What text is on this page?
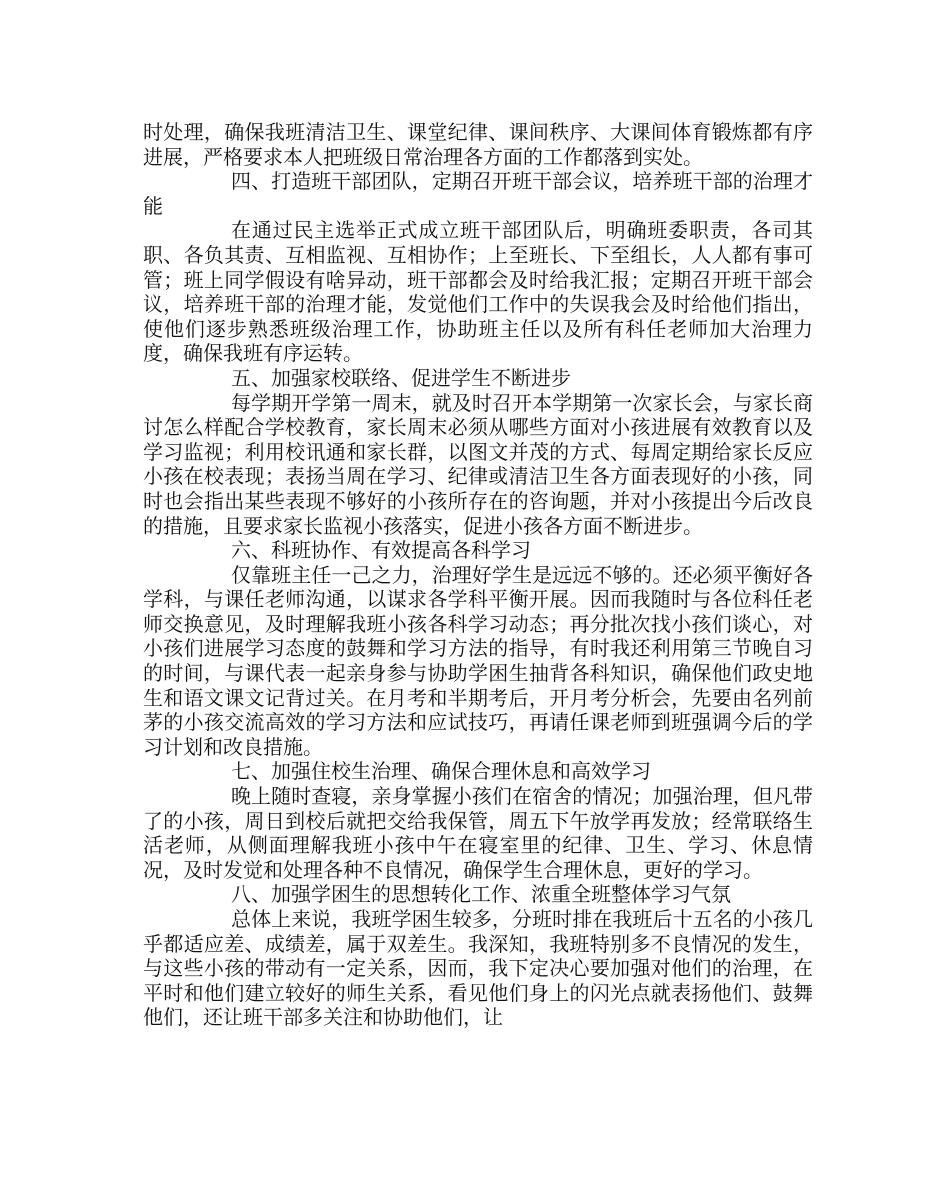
时处理，确保我班清洁卫生、课堂纪律、课间秩序、大课间体育锻炼都有序进展，严格要求本人把班级日常治理各方面的工作都落到实处。

四、打造班干部团队，定期召开班干部会议，培养班干部的治理才能

在通过民主选举正式成立班干部团队后，明确班委职责，各司其职、各负其责、互相监视、互相协作；上至班长、下至组长，人人都有事可管；班上同学假设有啥异动，班干部都会及时给我汇报；定期召开班干部会议，培养班干部的治理才能，发觉他们工作中的失误我会及时给他们指出，使他们逐步熟悉班级治理工作，协助班主任以及所有科任老师加大治理力度，确保我班有序运转。

五、加强家校联络、促进学生不断进步

每学期开学第一周末，就及时召开本学期第一次家长会，与家长商讨怎么样配合学校教育，家长周末必须从哪些方面对小孩进展有效教育以及学习监视；利用校讯通和家长群，以图文并茂的方式、每周定期给家长反应小孩在校表现；表扬当周在学习、纪律或清洁卫生各方面表现好的小孩，同时也会指出某些表现不够好的小孩所存在的咨询题，并对小孩提出今后改良的措施，且要求家长监视小孩落实，促进小孩各方面不断进步。

六、科班协作、有效提高各科学习

仅靠班主任一己之力，治理好学生是远远不够的。还必须平衡好各学科，与课任老师沟通，以谋求各学科平衡开展。因而我随时与各位科任老师交换意见，及时理解我班小孩各科学习动态；再分批次找小孩们谈心，对小孩们进展学习态度的鼓舞和学习方法的指导，有时我还利用第三节晚自习的时间，与课代表一起亲身参与协助学困生抽背各科知识，确保他们政史地生和语文课文记背过关。在月考和半期考后，开月考分析会，先要由名列前茅的小孩交流高效的学习方法和应试技巧，再请任课老师到班强调今后的学习计划和改良措施。

七、加强住校生治理、确保合理休息和高效学习

晚上随时查寝，亲身掌握小孩们在宿舍的情况；加强治理，但凡带了的小孩，周日到校后就把交给我保管，周五下午放学再发放；经常联络生活老师，从侧面理解我班小孩中午在寝室里的纪律、卫生、学习、休息情况，及时发觉和处理各种不良情况，确保学生合理休息，更好的学习。

八、加强学困生的思想转化工作、浓重全班整体学习气氛

总体上来说，我班学困生较多，分班时排在我班后十五名的小孩几乎都适应差、成绩差，属于双差生。我深知，我班特别多不良情况的发生，与这些小孩的带动有一定关系，因而，我下定决心要加强对他们的治理，在平时和他们建立较好的师生关系，看见他们身上的闪光点就表扬他们、鼓舞他们，还让班干部多关注和协助他们，让
